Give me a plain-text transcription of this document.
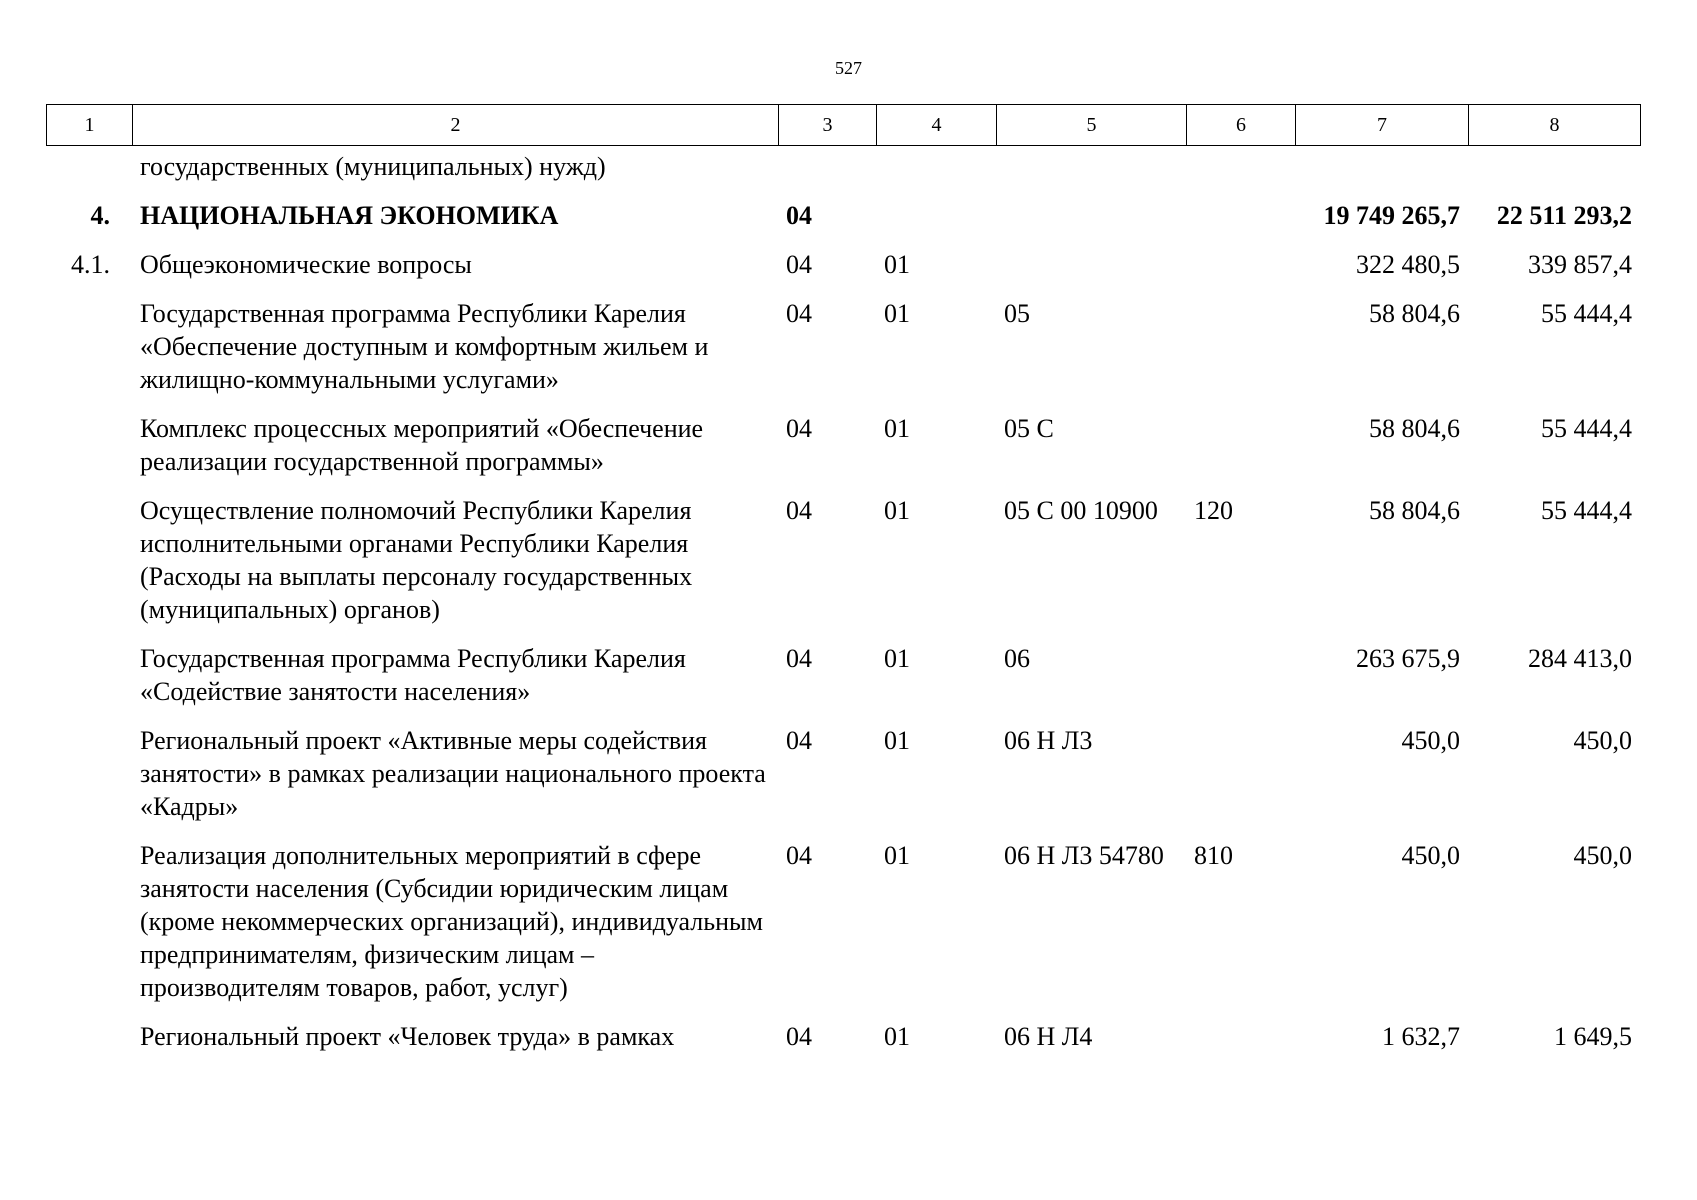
527
1	2	3	4	5	6	7	8
	государственных (муниципальных) нужд)						
4.	НАЦИОНАЛЬНАЯ ЭКОНОМИКА	04				19 749 265,7	22 511 293,2
4.1.	Общеэкономические вопросы	04	01			322 480,5	339 857,4
	Государственная программа Республики Карелия «Обеспечение доступным и комфортным жильем и жилищно-коммунальными услугами»	04	01	05		58 804,6	55 444,4
	Комплекс процессных мероприятий «Обеспечение реализации государственной программы»	04	01	05 С		58 804,6	55 444,4
	Осуществление полномочий Республики Карелия исполнительными органами Республики Карелия (Расходы на выплаты персоналу государственных (муниципальных) органов)	04	01	05 С 00 10900	120	58 804,6	55 444,4
	Государственная программа Республики Карелия «Содействие занятости населения»	04	01	06		263 675,9	284 413,0
	Региональный проект «Активные меры содействия занятости» в рамках реализации национального проекта «Кадры»	04	01	06 Н Л3		450,0	450,0
	Реализация дополнительных мероприятий в сфере занятости населения (Субсидии юридическим лицам (кроме некоммерческих организаций), индивидуальным предпринимателям, физическим лицам – производителям товаров, работ, услуг)	04	01	06 Н Л3 54780	810	450,0	450,0
	Региональный проект «Человек труда» в рамках	04	01	06 Н Л4		1 632,7	1 649,5
